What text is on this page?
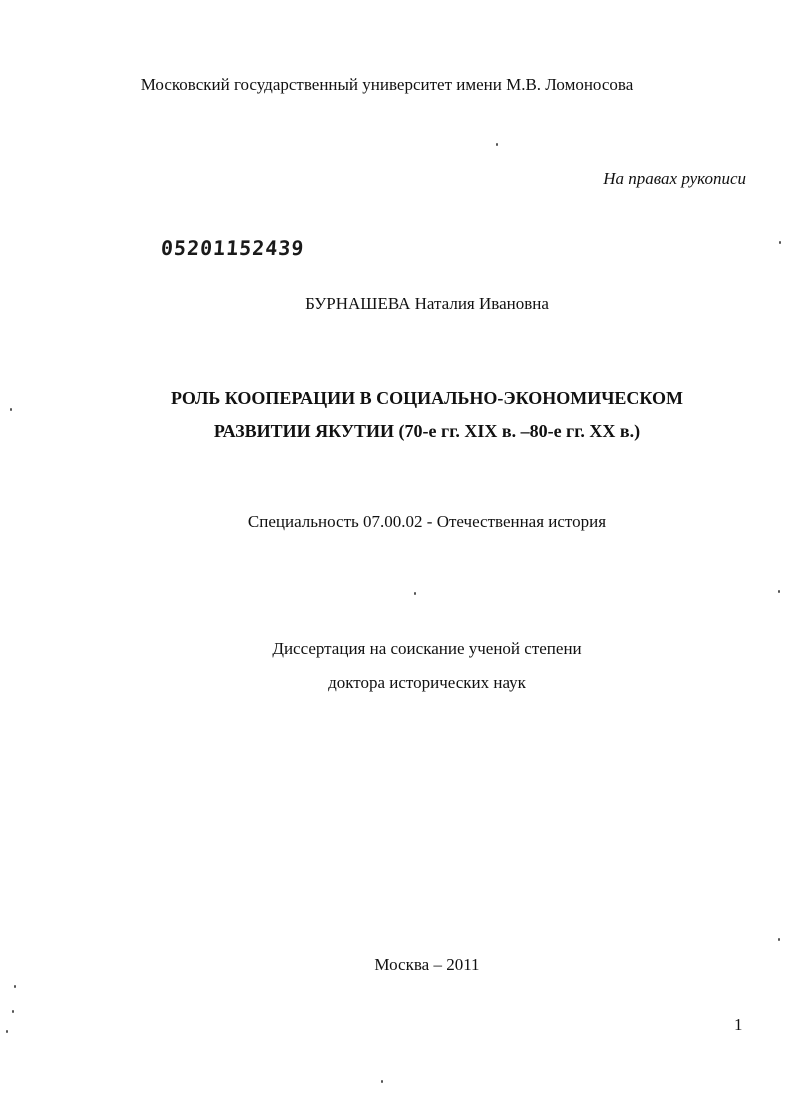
Московский государственный университет имени М.В. Ломоносова
На правах рукописи
05201152439
БУРНАШЕВА Наталия Ивановна
РОЛЬ КООПЕРАЦИИ В СОЦИАЛЬНО-ЭКОНОМИЧЕСКОМ
РАЗВИТИИ ЯКУТИИ (70-е гг. XIX в. –80-е гг. XX в.)
Специальность 07.00.02 - Отечественная история
Диссертация на соискание ученой степени
доктора исторических наук
Москва – 2011
1
